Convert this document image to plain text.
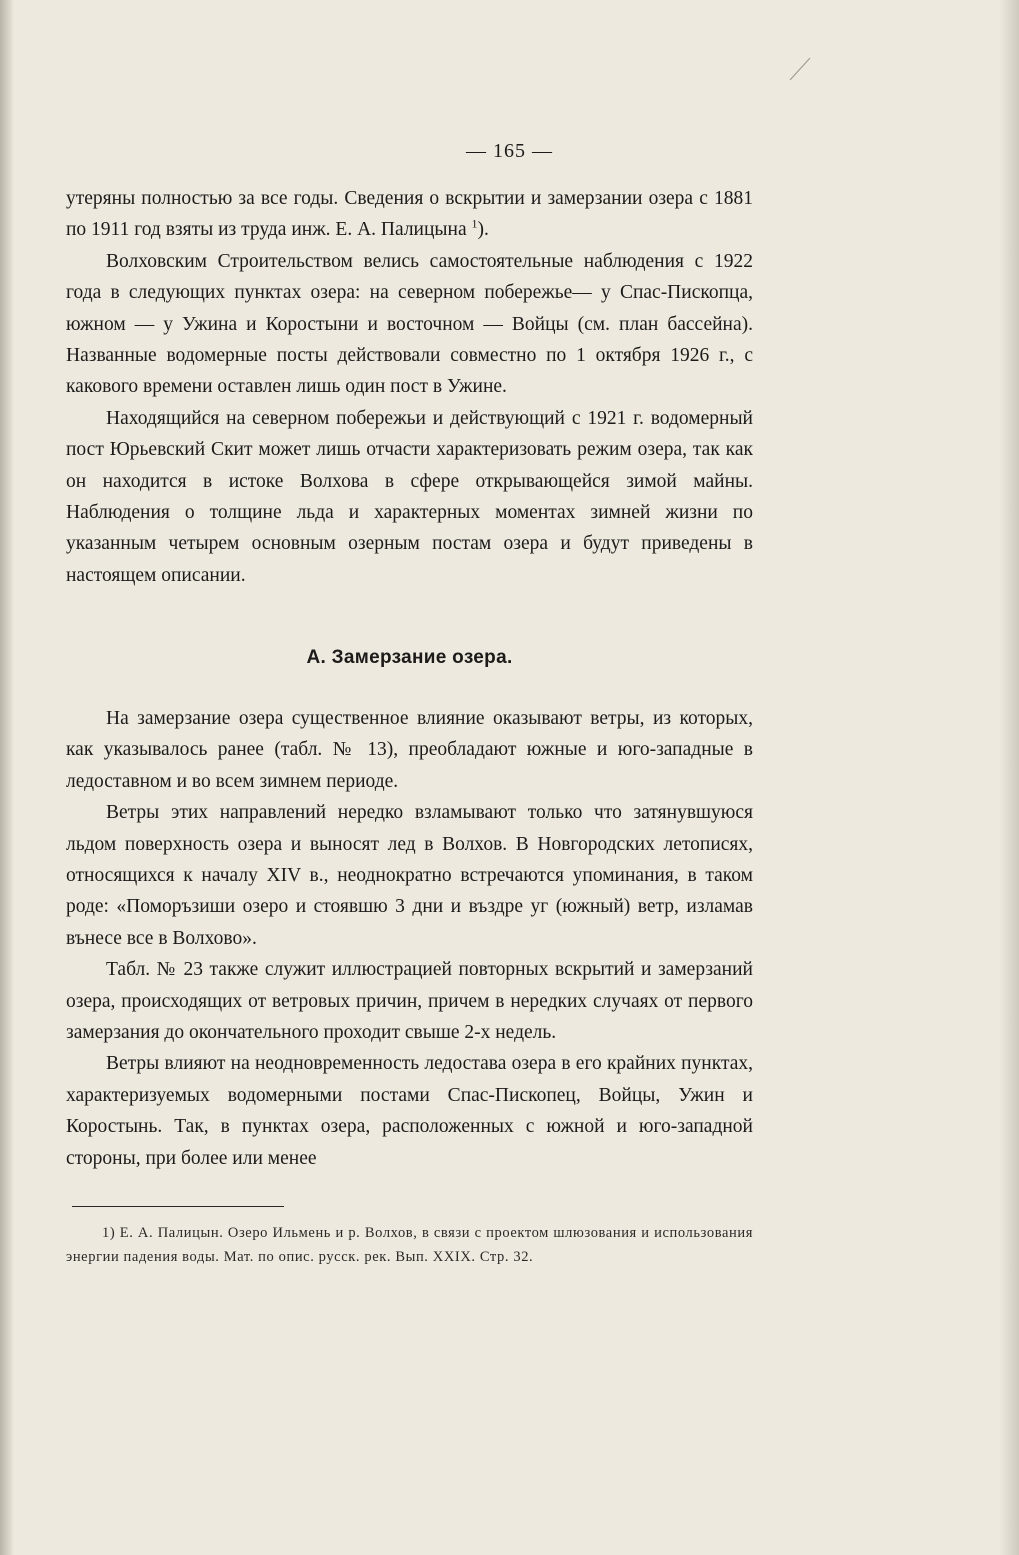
— 165 —

утеряны полностью за все годы. Сведения о вскрытии и замерзании озера с 1881 по 1911 год взяты из труда инж. Е. А. Палицына $^1$).

Волховским Строительством велись самостоятельные наблюдения с 1922 года в следующих пунктах озера: на северном побережье— у Спас-Пископца, южном — у Ужина и Коростыни и восточном — Войцы (см. план бассейна). Названные водомерные посты действовали совместно по 1 октября 1926 г., с какового времени оставлен лишь один пост в Ужине.

Находящийся на северном побережьи и действующий с 1921 г. водомерный пост Юрьевский Скит может лишь отчасти характеризовать режим озера, так как он находится в истоке Волхова в сфере открывающейся зимой майны. Наблюдения о толщине льда и характерных моментах зимней жизни по указанным четырем основным озерным постам озера и будут приведены в настоящем описании.

А. Замерзание озера.

На замерзание озера существенное влияние оказывают ветры, из которых, как указывалось ранее (табл. № 13), преобладают южные и юго-западные в ледоставном и во всем зимнем периоде.

Ветры этих направлений нередко взламывают только что затянувшуюся льдом поверхность озера и выносят лед в Волхов. В Новгородских летописях, относящихся к началу XIV в., неоднократно встречаются упоминания, в таком роде: «Поморъзиши озеро и стоявшю 3 дни и въздре уг (южный) ветр, изламав вънесе все в Волхово».

Табл. № 23 также служит иллюстрацией повторных вскрытий и замерзаний озера, происходящих от ветровых причин, причем в нередких случаях от первого замерзания до окончательного проходит свыше 2-х недель.

Ветры влияют на неодновременность ледостава озера в его крайних пунктах, характеризуемых водомерными постами Спас-Пископец, Войцы, Ужин и Коростынь. Так, в пунктах озера, расположенных с южной и юго-западной стороны, при более или менее

1) Е. А. Палицын. Озеро Ильмень и р. Волхов, в связи с проектом шлюзования и использования энергии падения воды. Мат. по опис. русск. рек. Вып. XXIX. Стр. 32.
